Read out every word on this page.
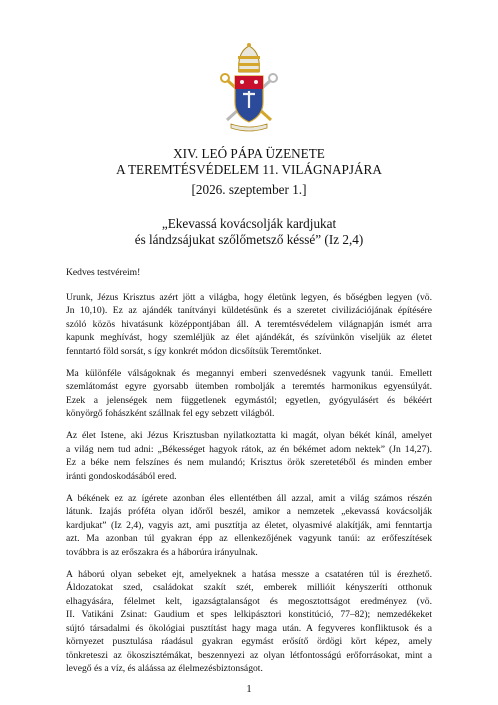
XIV. LEÓ PÁPA ÜZENETE
A TEREMTÉSVÉDELEM 11. VILÁGNAPJÁRA
[2026. szeptember 1.]
„Ekevassá kovácsolják kardjukat
és lándzsájukat szőlőmetsző késsé” (Iz 2,4)

Kedves testvéreim!

Urunk, Jézus Krisztus azért jött a világba, hogy életünk legyen, és bőségben legyen (vö.
Jn 10,10). Ez az ajándék tanítványi küldetésünk és a szeretet civilizációjának építésére
szóló közös hivatásunk középpontjában áll. A teremtésvédelem világnapján ismét arra
kapunk meghívást, hogy szemléljük az élet ajándékát, és szívünkön viseljük az életet
fenntartó föld sorsát, s így konkrét módon dicsőítsük Teremtőnket.

Ma különféle válságoknak és megannyi emberi szenvedésnek vagyunk tanúi. Emellett
szemlátomást egyre gyorsabb ütemben rombolják a teremtés harmonikus egyensúlyát.
Ezek a jelenségek nem függetlenek egymástól; egyetlen, gyógyulásért és békéért
könyörgő fohászként szállnak fel egy sebzett világból.

Az élet Istene, aki Jézus Krisztusban nyilatkoztatta ki magát, olyan békét kínál, amelyet
a világ nem tud adni: „Békességet hagyok rátok, az én békémet adom nektek” (Jn 14,27).
Ez a béke nem felszínes és nem mulandó; Krisztus örök szeretetéből és minden ember
iránti gondoskodásából ered.

A békének ez az ígérete azonban éles ellentétben áll azzal, amit a világ számos részén
látunk. Izajás próféta olyan időről beszél, amikor a nemzetek „ekevassá kovácsolják
kardjukat” (Iz 2,4), vagyis azt, ami pusztítja az életet, olyasmivé alakítják, ami fenntartja
azt. Ma azonban túl gyakran épp az ellenkezőjének vagyunk tanúi: az erőfeszítések
továbbra is az erőszakra és a háborúra irányulnak.

A háború olyan sebeket ejt, amelyeknek a hatása messze a csatatéren túl is érezhető.
Áldozatokat szed, családokat szakít szét, emberek millióit kényszeríti otthonuk
elhagyására, félelmet kelt, igazságtalanságot és megosztottságot eredményez (vö.
II. Vatikáni Zsinat: Gaudium et spes lelkipásztori konstitúció, 77–82); nemzedékeket
sújtó társadalmi és ökológiai pusztítást hagy maga után. A fegyveres konfliktusok és a
környezet pusztulása ráadásul gyakran egymást erősítő ördögi kört képez, amely
tönkreteszi az ökoszisztémákat, beszennyezi az olyan létfontosságú erőforrásokat, mint a
levegő és a víz, és aláássa az élelmezésbiztonságot.

1
